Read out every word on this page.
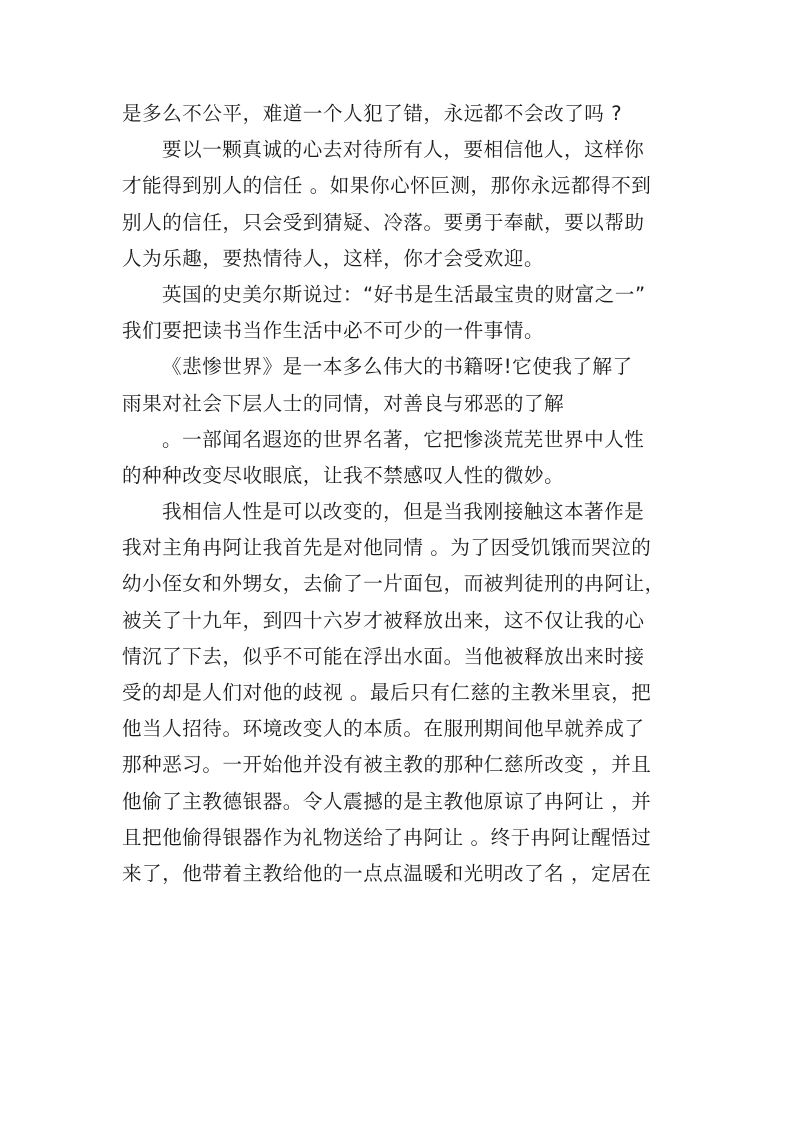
是多么不公平，难道一个人犯了错，永远都不会改了吗 ?
要以一颗真诚的心去对待所有人，要相信他人，这样你
才能得到别人的信任 。如果你心怀叵测，那你永远都得不到
别人的信任，只会受到猜疑、冷落。要勇于奉献，要以帮助
人为乐趣，要热情待人，这样，你才会受欢迎。
英国的史美尔斯说过：“好书是生活最宝贵的财富之一”
我们要把读书当作生活中必不可少的一件事情。
《悲惨世界》是一本多么伟大的书籍呀!它使我了解了
雨果对社会下层人士的同情，对善良与邪恶的了解
。一部闻名遐迩的世界名著，它把惨淡荒芜世界中人性
的种种改变尽收眼底，让我不禁感叹人性的微妙。
我相信人性是可以改变的，但是当我刚接触这本著作是
我对主角冉阿让我首先是对他同情 。为了因受饥饿而哭泣的
幼小侄女和外甥女，去偷了一片面包，而被判徒刑的冉阿让，
被关了十九年，到四十六岁才被释放出来，这不仅让我的心
情沉了下去，似乎不可能在浮出水面。当他被释放出来时接
受的却是人们对他的歧视 。最后只有仁慈的主教米里哀，把
他当人招待。环境改变人的本质。在服刑期间他早就养成了
那种恶习。一开始他并没有被主教的那种仁慈所改变 ，并且
他偷了主教德银器。令人震撼的是主教他原谅了冉阿让 ，并
且把他偷得银器作为礼物送给了冉阿让 。终于冉阿让醒悟过
来了，他带着主教给他的一点点温暖和光明改了名 ，定居在
